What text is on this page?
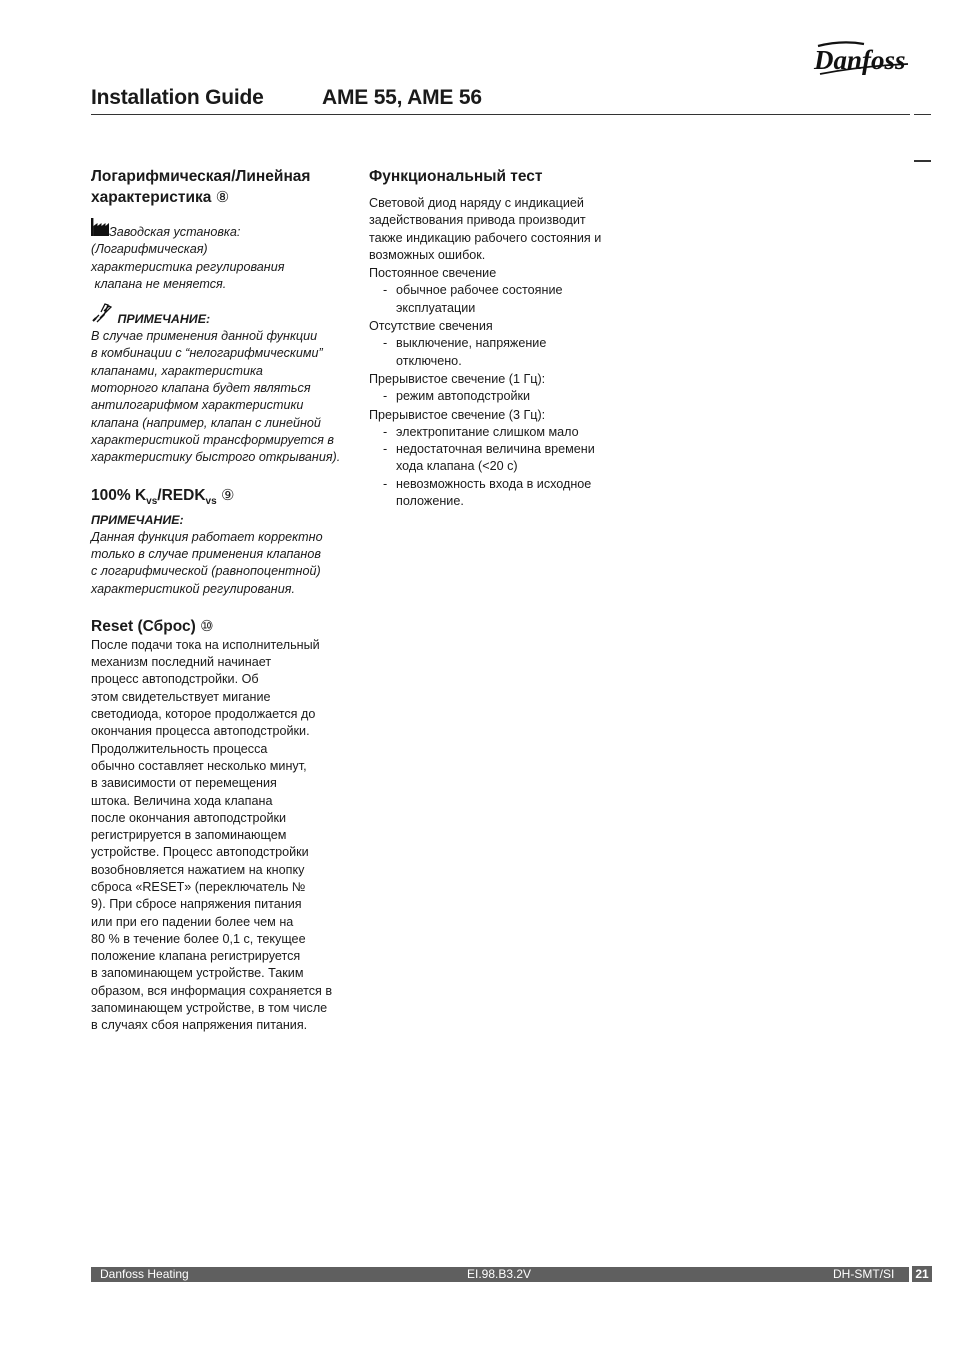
Danfoss
Installation Guide	AME 55, AME 56
Логарифмическая/Линейная
характеристика ⑧

Заводская установка:
(Логарифмическая)
характеристика регулирования
клапана не меняется.

ПРИМЕЧАНИЕ:

В случае применения данной функции
в комбинации с “нелогарифмическими”
клапанами, характеристика
моторного клапана будет являться
антилогарифмом характеристики
клапана (например, клапан с линейной
характеристикой трансформируется в
характеристику быстрого открывания).

100% $K_{vs}/REDK_{vs}$ ⑨
ПРИМЕЧАНИЕ:

Данная функция работает корректно
только в случае применения клапанов
с логарифмической (равнопоцентной)
характеристикой регулирования.

Reset (Сброс) ⑩

После подачи тока на исполнительный
механизм последний начинает
процесс автоподстройки. Об
этом свидетельствует мигание
светодиода, которое продолжается до
окончания процесса автоподстройки.
Продолжительность процесса
обычно составляет несколько минут,
в зависимости от перемещения
штока. Величина хода клапана
после окончания автоподстройки
регистрируется в запоминающем
устройстве. Процесс автоподстройки
возобновляется нажатием на кнопку
сброса «RESET» (переключатель №
9). При сбросе напряжения питания
или при его падении более чем на
80 % в течение более 0,1 с, текущее
положение клапана регистрируется
в запоминающем устройстве. Таким
образом, вся информация сохраняется в
запоминающем устройстве, в том числе
в случаях сбоя напряжения питания.

Функциональный тест

Световой диод наряду с индикацией
задействования привода производит
также индикацию рабочего состояния и
возможных ошибок.

Постоянное свечение
- обычное рабочее состояние
эксплуатации
Отсутствие свечения
- выключение, напряжение
отключено.
Прерывистое свечение (1 Гц):
- режим автоподстройки
Прерывистое свечение (3 Гц):
- электропитание слишком мало
- недостаточная величина времени
хода клапана (<20 с)
- невозможность входа в исходное
положение.
Danfoss Heating	EI.98.B3.2V	DH-SMT/SI 21
